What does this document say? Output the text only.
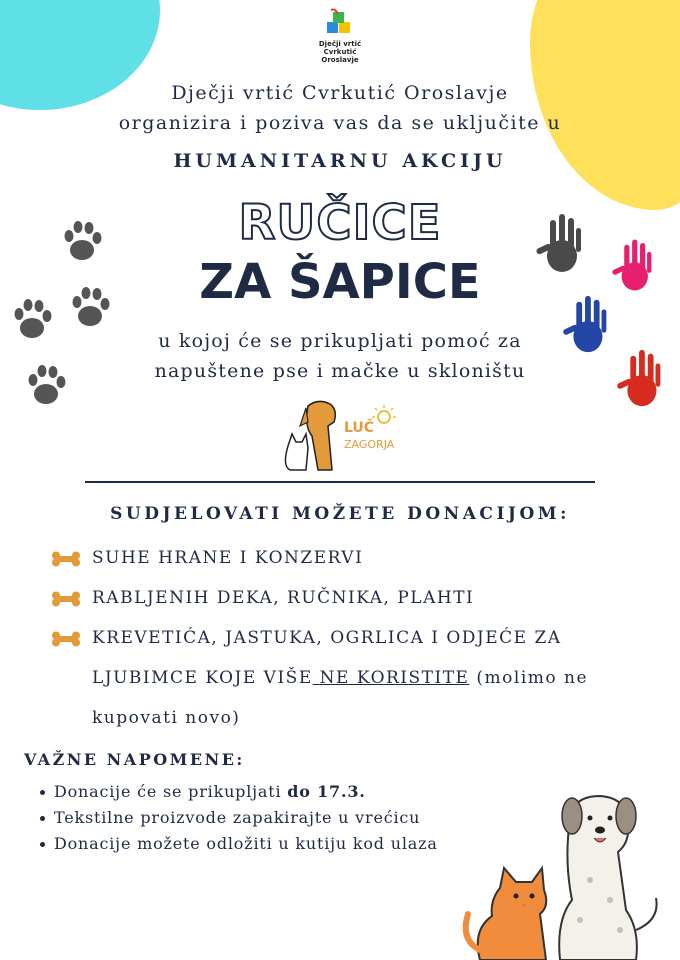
Dječji vrtić
Cvrkutić
Oroslavje
Dječji vrtić Cvrkutić Oroslavje
organizira i poziva vas da se uključite u
HUMANITARNU AKCIJU
RUČICE
ZA ŠAPICE
u kojoj će se prikupljati pomoć za
napuštene pse i mačke u skloništu
LUČ
ZAGORJA
SUDJELOVATI MOŽETE DONACIJOM:
SUHE HRANE I KONZERVI
RABLJENIH DEKA, RUČNIKA, PLAHTI
KREVETIĆA, JASTUKA, OGRLICA I ODJEĆE ZA
LJUBIMCE KOJE VIŠE NE KORISTITE (molimo ne
kupovati novo)
VAŽNE NAPOMENE:
Donacije će se prikupljati do 17.3.
Tekstilne proizvode zapakirajte u vrećicu
Donacije možete odložiti u kutiju kod ulaza
